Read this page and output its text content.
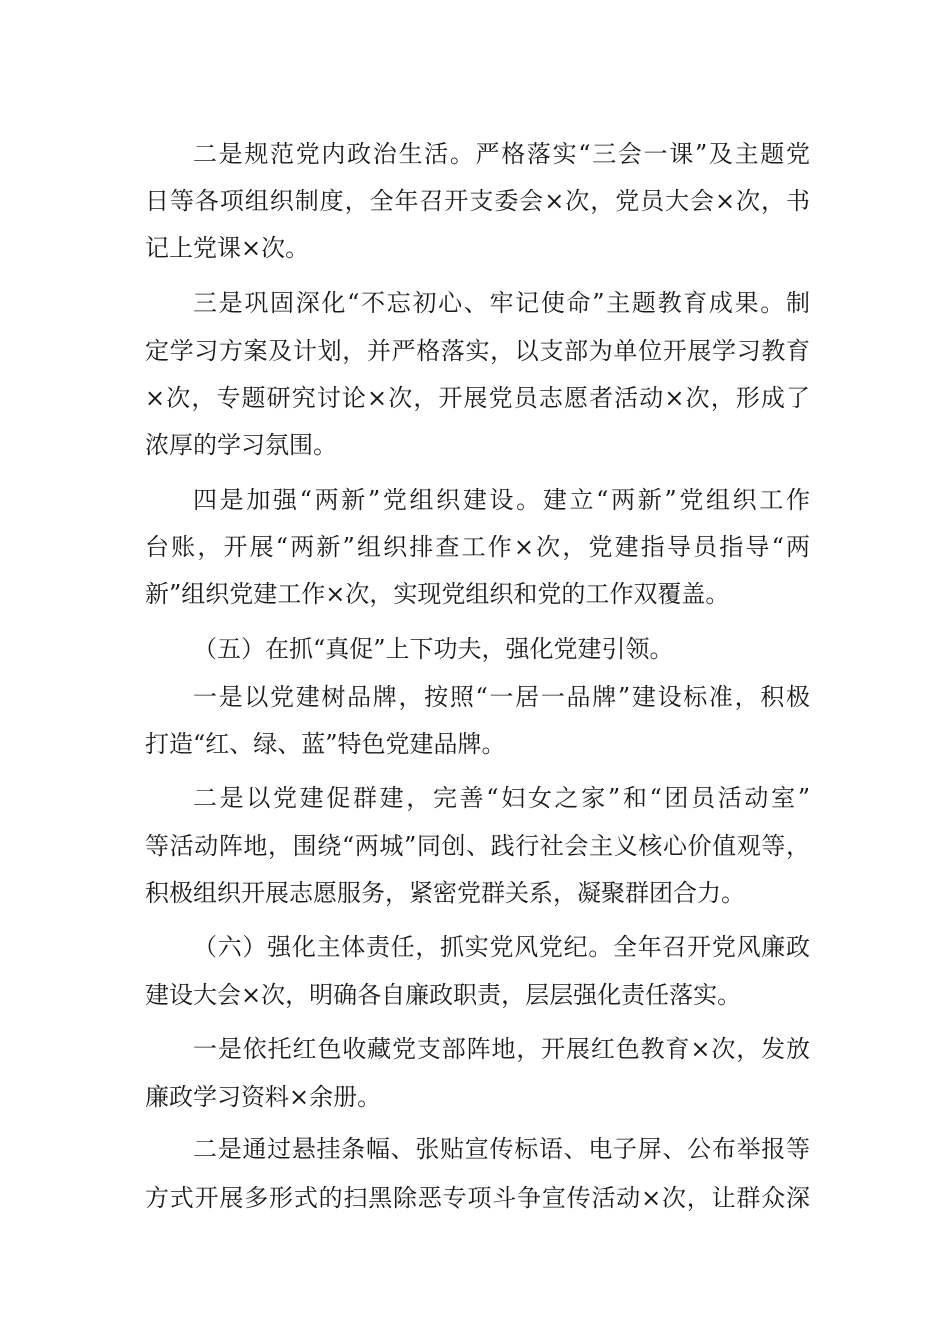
二是规范党内政治生活。严格落实“三会一课”及主题党
日等各项组织制度，全年召开支委会×次，党员大会×次，书
记上党课×次。
三是巩固深化“不忘初心、牢记使命”主题教育成果。制
定学习方案及计划，并严格落实，以支部为单位开展学习教育
×次，专题研究讨论×次，开展党员志愿者活动×次，形成了
浓厚的学习氛围。
四是加强“两新”党组织建设。建立“两新”党组织工作
台账，开展“两新”组织排查工作×次，党建指导员指导“两
新”组织党建工作×次，实现党组织和党的工作双覆盖。
（五）在抓“真促”上下功夫，强化党建引领。
一是以党建树品牌，按照“一居一品牌”建设标准，积极
打造“红、绿、蓝”特色党建品牌。
二是以党建促群建，完善“妇女之家”和“团员活动室”
等活动阵地，围绕“两城”同创、践行社会主义核心价值观等，
积极组织开展志愿服务，紧密党群关系，凝聚群团合力。
（六）强化主体责任，抓实党风党纪。全年召开党风廉政
建设大会×次，明确各自廉政职责，层层强化责任落实。
一是依托红色收藏党支部阵地，开展红色教育×次，发放
廉政学习资料×余册。
二是通过悬挂条幅、张贴宣传标语、电子屏、公布举报等
方式开展多形式的扫黑除恶专项斗争宣传活动×次，让群众深
